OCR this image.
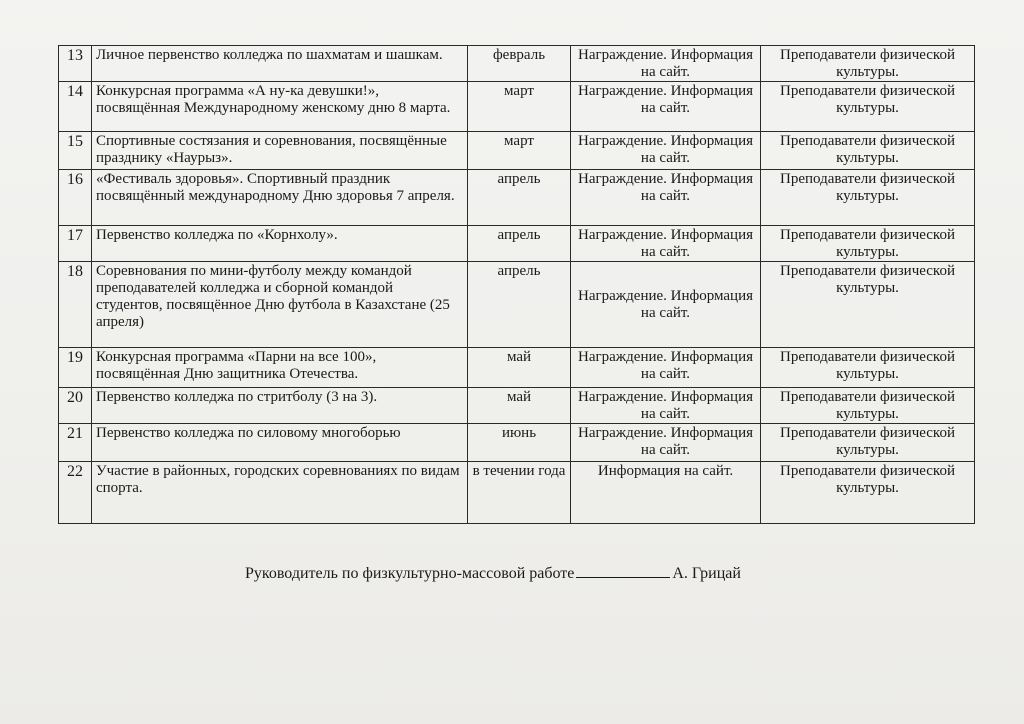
13	Личное первенство колледжа по шахматам и шашкам.	февраль	Награждение. Информация на сайт.	Преподаватели физической культуры.
14	Конкурсная программа «А ну-ка девушки!», посвящённая Международному женскому дню 8 марта.	март	Награждение. Информация на сайт.	Преподаватели физической культуры.
15	Спортивные состязания и соревнования, посвящённые празднику «Наурыз».	март	Награждение. Информация на сайт.	Преподаватели физической культуры.
16	«Фестиваль здоровья». Спортивный праздник посвящённый международному Дню здоровья 7 апреля.	апрель	Награждение. Информация на сайт.	Преподаватели физической культуры.
17	Первенство колледжа по «Корнхолу».	апрель	Награждение. Информация на сайт.	Преподаватели физической культуры.
18	Соревнования по мини-футболу между командой преподавателей колледжа и сборной командой студентов, посвящённое Дню футбола в Казахстане (25 апреля)	апрель	Награждение. Информация на сайт.	Преподаватели физической культуры.
19	Конкурсная программа «Парни на все 100», посвящённая Дню защитника Отечества.	май	Награждение. Информация на сайт.	Преподаватели физической культуры.
20	Первенство колледжа по стритболу (3 на 3).	май	Награждение. Информация на сайт.	Преподаватели физической культуры.
21	Первенство колледжа по силовому многоборью	июнь	Награждение. Информация на сайт.	Преподаватели физической культуры.
22	Участие в районных, городских соревнованиях по видам спорта.	в течении года	Информация на сайт.	Преподаватели физической культуры.
Руководитель по физкультурно-массовой работе	А. Грицай
